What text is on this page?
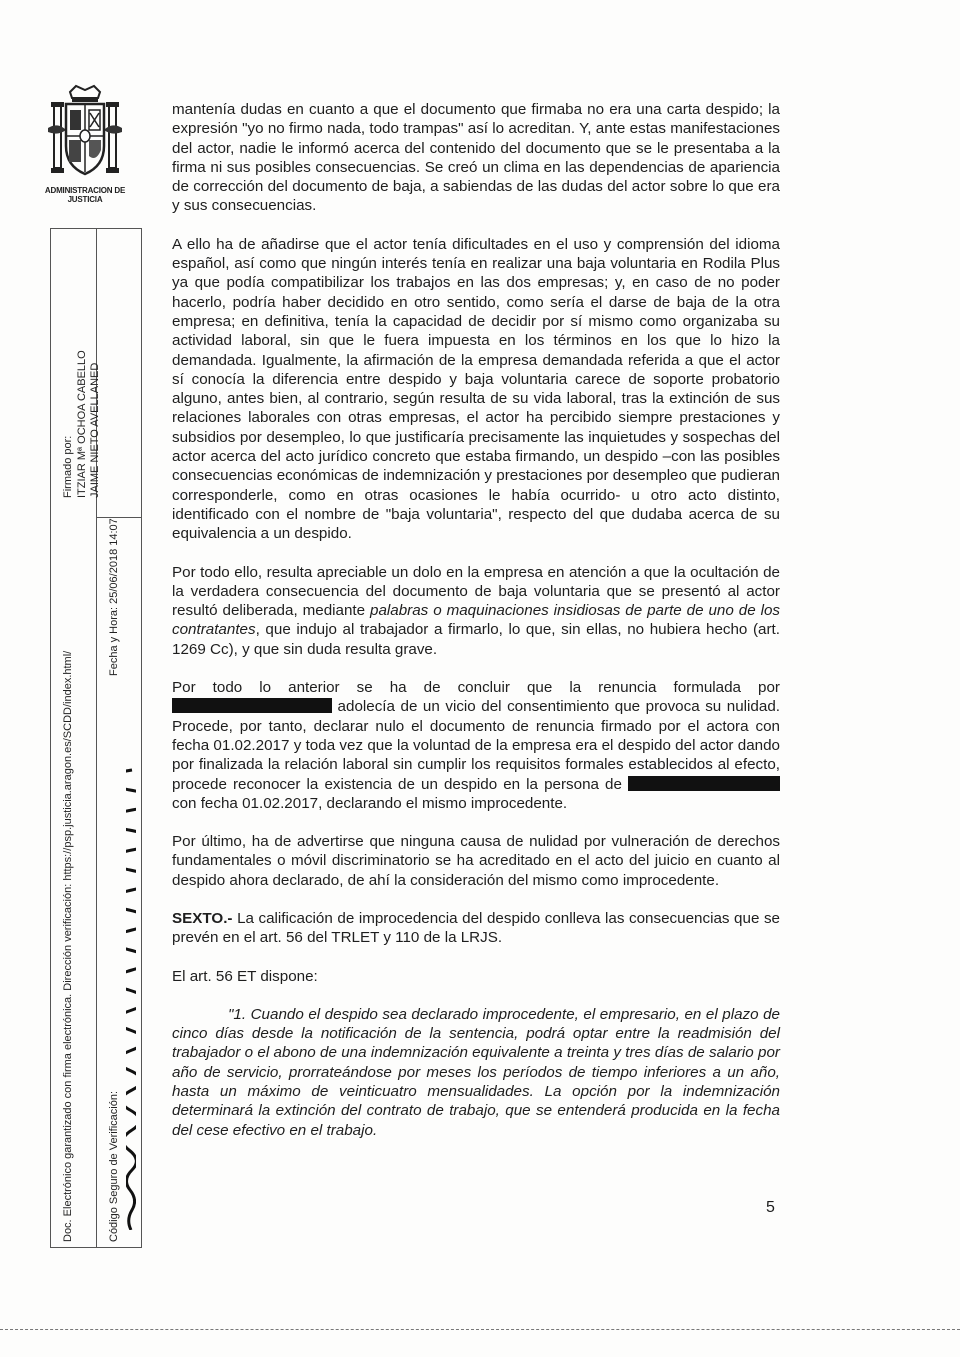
ADMINISTRACION DE JUSTICIA
Doc. Electrónico garantizado con firma electrónica. Dirección verificación: https://psp.justicia.aragon.es/SCDD/index.html/	Código Seguro de Verificación:
Fecha y Hora: 25/06/2018 14:07
Firmado por: ITZIAR Mª OCHOA CABELLO JAIME NIETO AVELLANED

mantenía dudas en cuanto a que el documento que firmaba no era una carta despido; la expresión "yo no firmo nada, todo trampas" así lo acreditan. Y, ante estas manifestaciones del actor, nadie le informó acerca del contenido del documento que se le presentaba a la firma ni sus posibles consecuencias. Se creó un clima en las dependencias de apariencia de corrección del documento de baja, a sabiendas de las dudas del actor sobre lo que era y sus consecuencias.

A ello ha de añadirse que el actor tenía dificultades en el uso y comprensión del idioma español, así como que ningún interés tenía en realizar una baja voluntaria en Rodila Plus ya que podía compatibilizar los trabajos en las dos empresas; y, en caso de no poder hacerlo, podría haber decidido en otro sentido, como sería el darse de baja de la otra empresa; en definitiva, tenía la capacidad de decidir por sí mismo como organizaba su actividad laboral, sin que le fuera impuesta en los términos en los que lo hizo la demandada. Igualmente, la afirmación de la empresa demandada referida a que el actor sí conocía la diferencia entre despido y baja voluntaria carece de soporte probatorio alguno, antes bien, al contrario, según resulta de su vida laboral, tras la extinción de sus relaciones laborales con otras empresas, el actor ha percibido siempre prestaciones y subsidios por desempleo, lo que justificaría precisamente las inquietudes y sospechas del actor acerca del acto jurídico concreto que estaba firmando, un despido –con las posibles consecuencias económicas de indemnización y prestaciones por desempleo que pudieran corresponderle, como en otras ocasiones le había ocurrido- u otro acto distinto, identificado con el nombre de "baja voluntaria", respecto del que dudaba acerca de su equivalencia a un despido.

Por todo ello, resulta apreciable un dolo en la empresa en atención a que la ocultación de la verdadera consecuencia del documento de baja voluntaria que se presentó al actor resultó deliberada, mediante palabras o maquinaciones insidiosas de parte de uno de los contratantes, que indujo al trabajador a firmarlo, lo que, sin ellas, no hubiera hecho (art. 1269 Cc), y que sin duda resulta grave.

Por todo lo anterior se ha de concluir que la renuncia formulada por  adolecía de un vicio del consentimiento que provoca su nulidad. Procede, por tanto, declarar nulo el documento de renuncia firmado por el actora con fecha 01.02.2017 y toda vez que la voluntad de la empresa era el despido del actor dando por finalizada la relación laboral sin cumplir los requisitos formales establecidos al efecto, procede reconocer la existencia de un despido en la persona de  con fecha 01.02.2017, declarando el mismo improcedente.

Por último, ha de advertirse que ninguna causa de nulidad por vulneración de derechos fundamentales o móvil discriminatorio se ha acreditado en el acto del juicio en cuanto al despido ahora declarado, de ahí la consideración del mismo como improcedente.

SEXTO.- La calificación de improcedencia del despido conlleva las consecuencias que se prevén en el art. 56 del TRLET y 110 de la LRJS.

El art. 56 ET dispone:

"1. Cuando el despido sea declarado improcedente, el empresario, en el plazo de cinco días desde la notificación de la sentencia, podrá optar entre la readmisión del trabajador o el abono de una indemnización equivalente a treinta y tres días de salario por año de servicio, prorrateándose por meses los períodos de tiempo inferiores a un año, hasta un máximo de veinticuatro mensualidades. La opción por la indemnización determinará la extinción del contrato de trabajo, que se entenderá producida en la fecha del cese efectivo en el trabajo.

5
